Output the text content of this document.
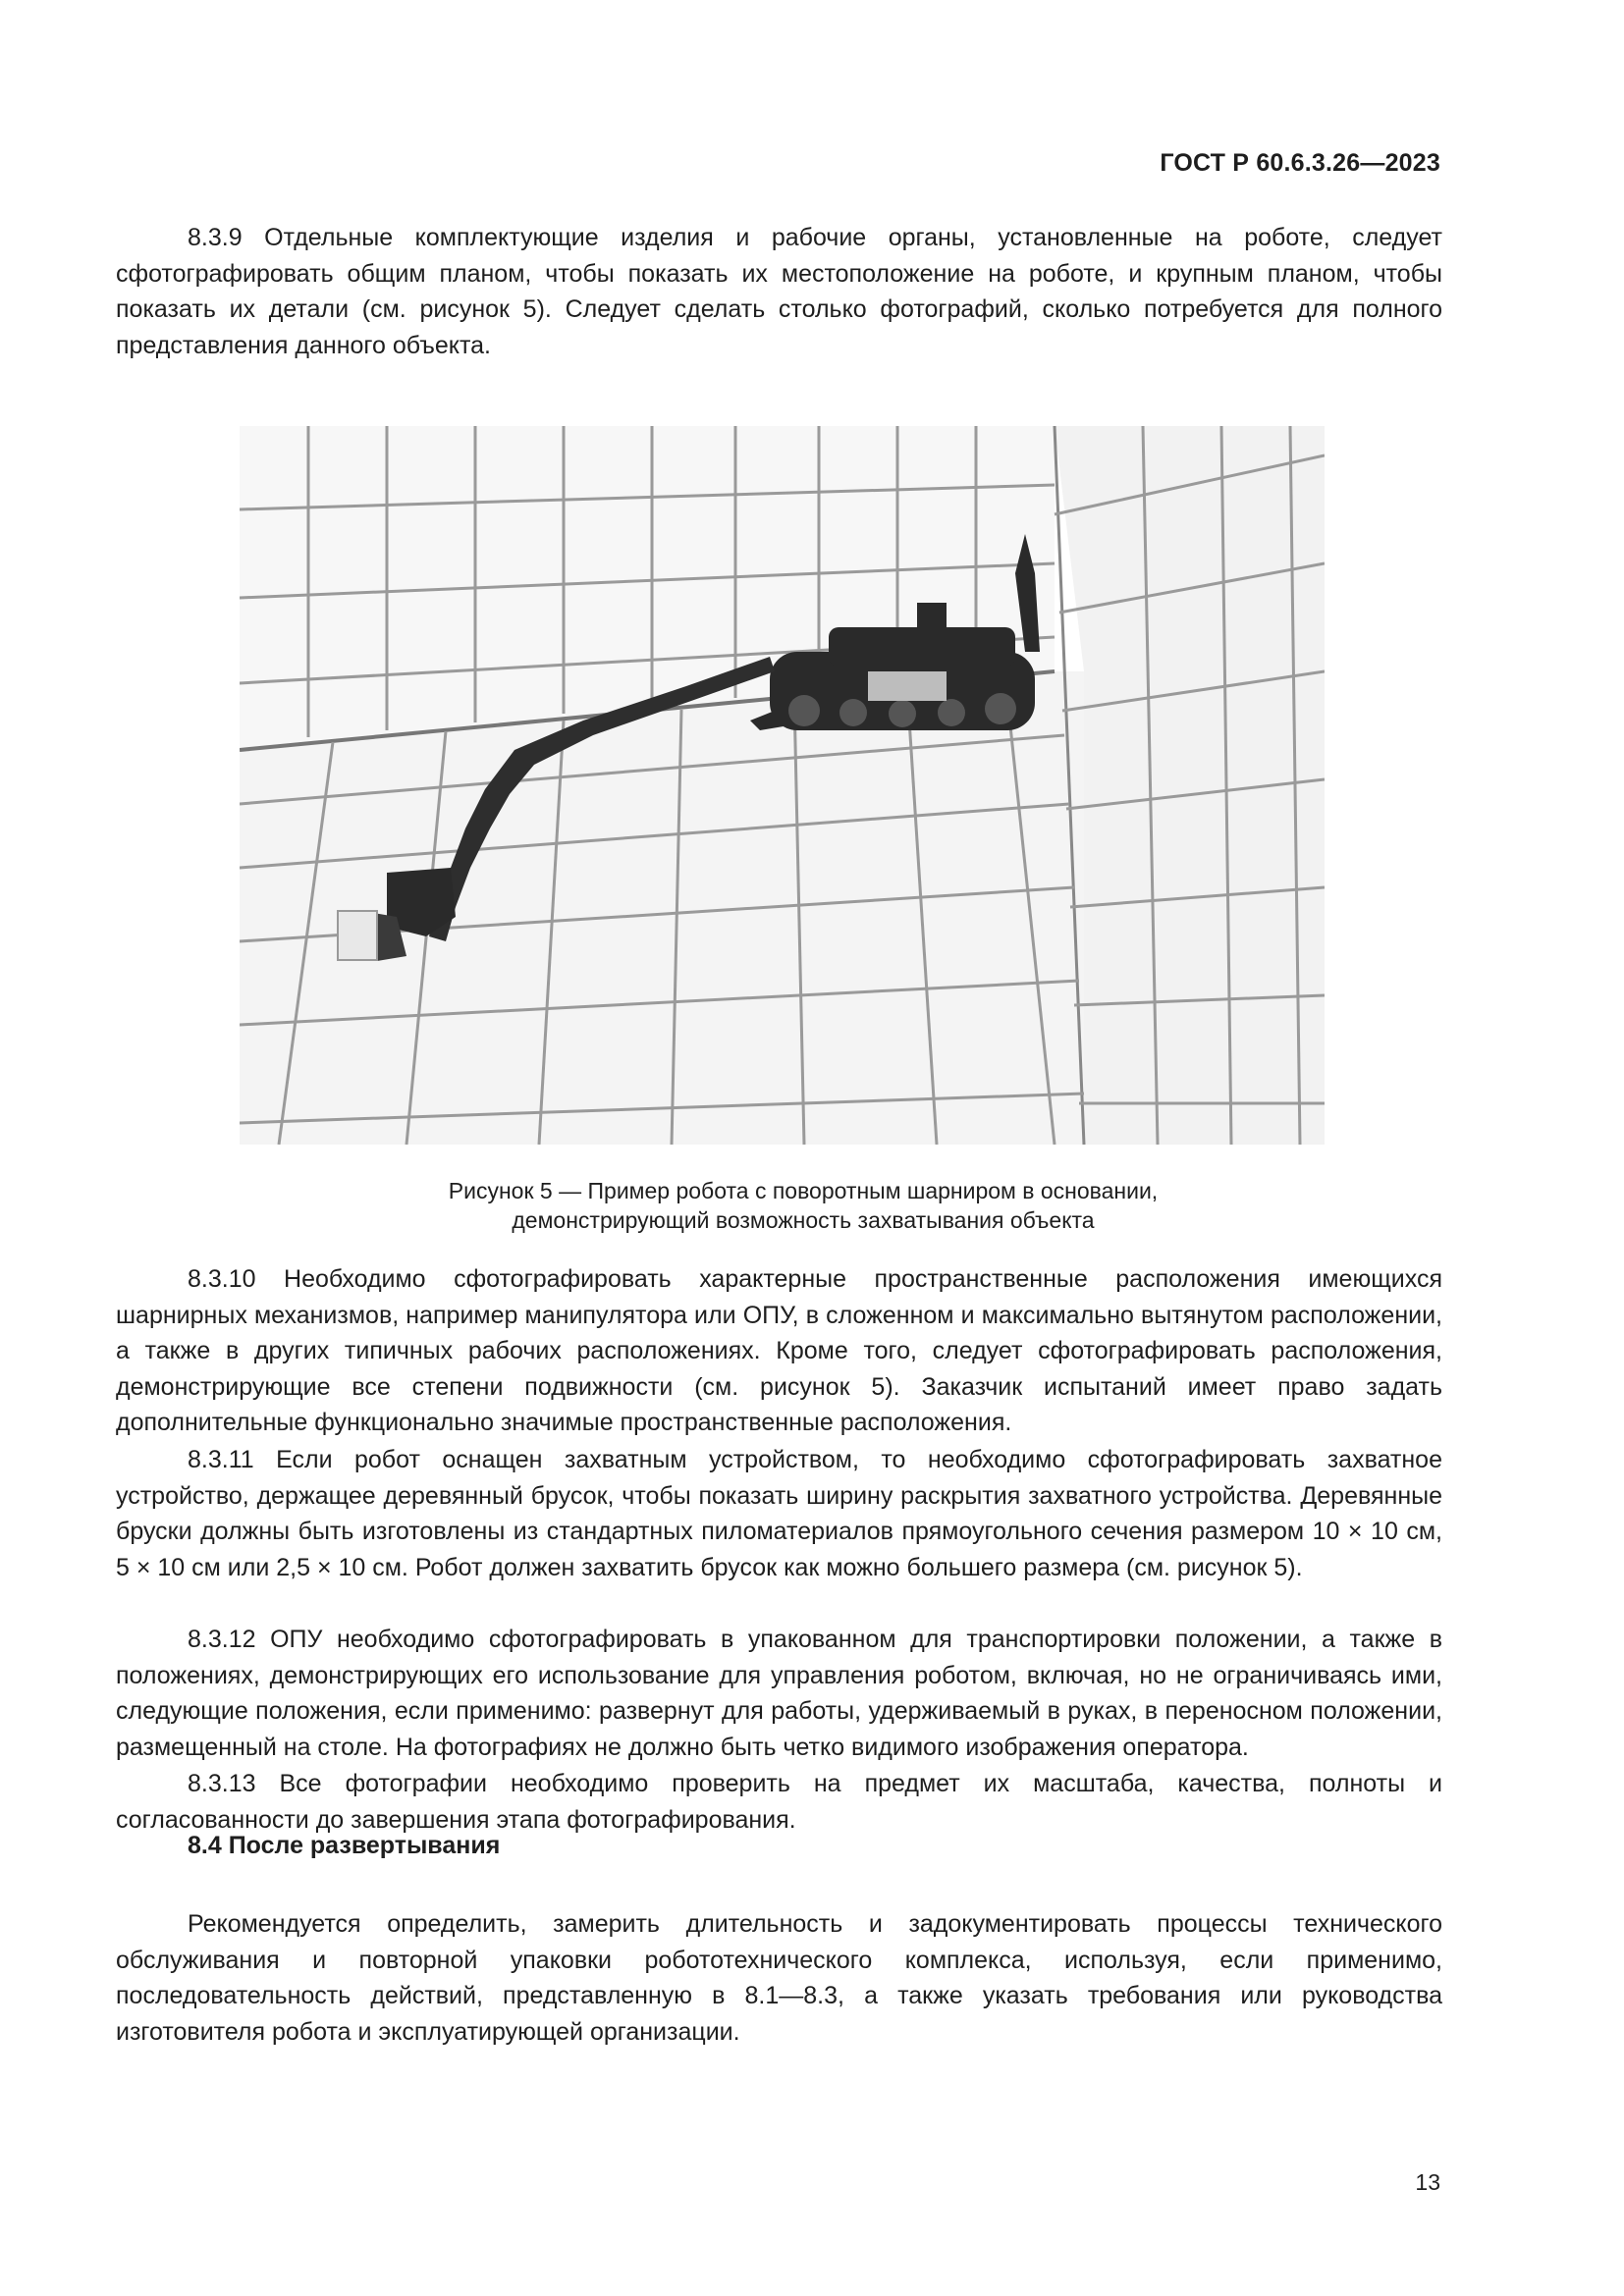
ГОСТ Р 60.6.3.26—2023

8.3.9 Отдельные комплектующие изделия и рабочие органы, установленные на роботе, следует сфотографировать общим планом, чтобы показать их местоположение на роботе, и крупным планом, чтобы показать их детали (см. рисунок 5). Следует сделать столько фотографий, сколько потребуется для полного представления данного объекта.

Рисунок 5 — Пример робота с поворотным шарниром в основании,
демонстрирующий возможность захватывания объекта

8.3.10 Необходимо сфотографировать характерные пространственные расположения имеющихся шарнирных механизмов, например манипулятора или ОПУ, в сложенном и максимально вытянутом расположении, а также в других типичных рабочих расположениях. Кроме того, следует сфотографировать расположения, демонстрирующие все степени подвижности (см. рисунок 5). Заказчик испытаний имеет право задать дополнительные функционально значимые пространственные расположения.

8.3.11 Если робот оснащен захватным устройством, то необходимо сфотографировать захватное устройство, держащее деревянный брусок, чтобы показать ширину раскрытия захватного устройства. Деревянные бруски должны быть изготовлены из стандартных пиломатериалов прямоугольного сечения размером 10 × 10 см, 5 × 10 см или 2,5 × 10 см. Робот должен захватить брусок как можно большего размера (см. рисунок 5).

8.3.12 ОПУ необходимо сфотографировать в упакованном для транспортировки положении, а также в положениях, демонстрирующих его использование для управления роботом, включая, но не ограничиваясь ими, следующие положения, если применимо: развернут для работы, удерживаемый в руках, в переносном положении, размещенный на столе. На фотографиях не должно быть четко видимого изображения оператора.

8.3.13 Все фотографии необходимо проверить на предмет их масштаба, качества, полноты и согласованности до завершения этапа фотографирования.

8.4 После развертывания

Рекомендуется определить, замерить длительность и задокументировать процессы технического обслуживания и повторной упаковки робототехнического комплекса, используя, если применимо, последовательность действий, представленную в 8.1—8.3, а также указать требования или руководства изготовителя робота и эксплуатирующей организации.

13
